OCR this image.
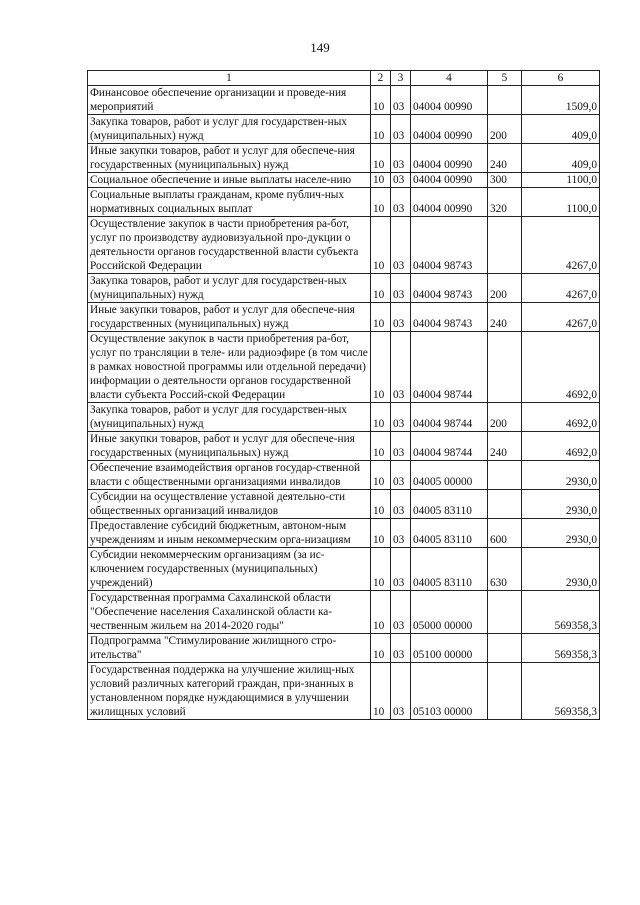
149
1	2	3	4	5	6
Финансовое обеспечение организации и проведе-ния мероприятий	10	03	04004 00990		1509,0
Закупка товаров, работ и услуг для государствен-ных (муниципальных) нужд	10	03	04004 00990	200	409,0
Иные закупки товаров, работ и услуг для обеспече-ния государственных (муниципальных) нужд	10	03	04004 00990	240	409,0
Социальное обеспечение и иные выплаты населе-нию	10	03	04004 00990	300	1100,0
Социальные выплаты гражданам, кроме публич-ных нормативных социальных выплат	10	03	04004 00990	320	1100,0
Осуществление закупок в части приобретения ра-бот, услуг по производству аудиовизуальной про-дукции о деятельности органов государственной власти субъекта Российской Федерации	10	03	04004 98743		4267,0
Закупка товаров, работ и услуг для государствен-ных (муниципальных) нужд	10	03	04004 98743	200	4267,0
Иные закупки товаров, работ и услуг для обеспече-ния государственных (муниципальных) нужд	10	03	04004 98743	240	4267,0
Осуществление закупок в части приобретения ра-бот, услуг по трансляции в теле- или радиоэфире (в том числе в рамках новостной программы или отдельной передачи) информации о деятельности органов государственной власти субъекта Россий-ской Федерации	10	03	04004 98744		4692,0
Закупка товаров, работ и услуг для государствен-ных (муниципальных) нужд	10	03	04004 98744	200	4692,0
Иные закупки товаров, работ и услуг для обеспече-ния государственных (муниципальных) нужд	10	03	04004 98744	240	4692,0
Обеспечение взаимодействия органов государ-ственной власти с общественными организациями инвалидов	10	03	04005 00000		2930,0
Субсидии на осуществление уставной деятельно-сти общественных организаций инвалидов	10	03	04005 83110		2930,0
Предоставление субсидий бюджетным, автоном-ным учреждениям и иным некоммерческим орга-низациям	10	03	04005 83110	600	2930,0
Субсидии некоммерческим организациям (за ис-ключением государственных (муниципальных) учреждений)	10	03	04005 83110	630	2930,0
Государственная программа Сахалинской области "Обеспечение населения Сахалинской области ка-чественным жильем на 2014-2020 годы"	10	03	05000 00000		569358,3
Подпрограмма "Стимулирование жилищного стро-ительства"	10	03	05100 00000		569358,3
Государственная поддержка на улучшение жилищ-ных условий различных категорий граждан, при-знанных в установленном порядке нуждающимися в улучшении жилищных условий	10	03	05103 00000		569358,3
